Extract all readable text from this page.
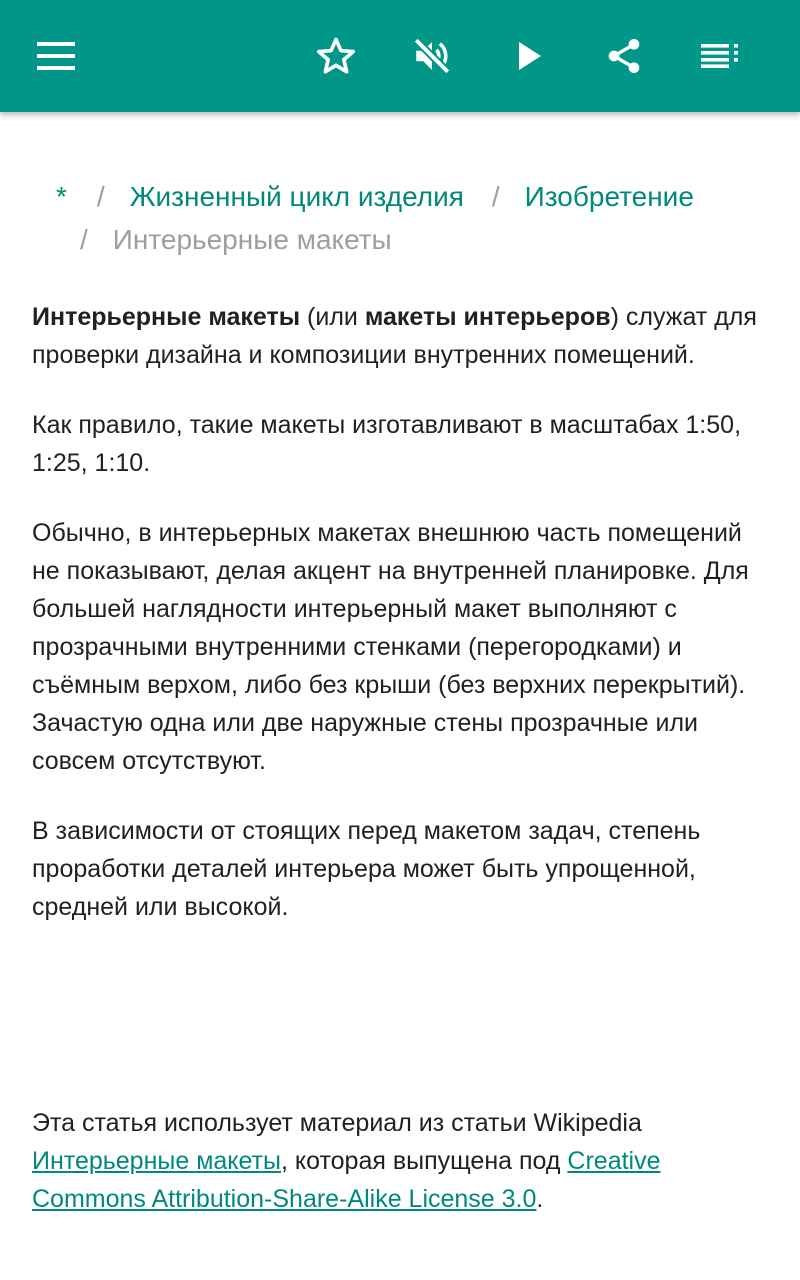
* / Жизненный цикл изделия / Изобретение
/ Интерьерные макеты

Интерьерные макеты (или макеты интерьеров) служат для проверки дизайна и композиции внутренних помещений.

Как правило, такие макеты изготавливают в масштабах 1:50, 1:25, 1:10.

Обычно, в интерьерных макетах внешнюю часть помещений не показывают, делая акцент на внутренней планировке. Для большей наглядности интерьерный макет выполняют с прозрачными внутренними стенками (перегородками) и съёмным верхом, либо без крыши (без верхних перекрытий). Зачастую одна или две наружные стены прозрачные или совсем отсутствуют.

В зависимости от стоящих перед макетом задач, степень проработки деталей интерьера может быть упрощенной, средней или высокой.

Эта статья использует материал из статьи Wikipedia Интерьерные макеты, которая выпущена под Creative Commons Attribution-Share-Alike License 3.0.
